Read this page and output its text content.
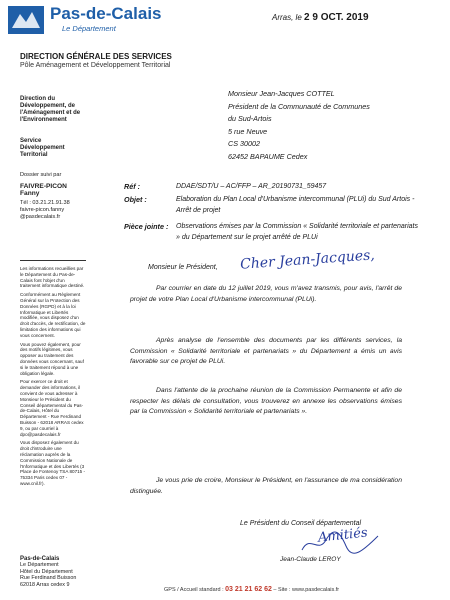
Pas-de-Calais
Le Département
Arras, le 2 9 OCT. 2019
DIRECTION GÉNÉRALE DES SERVICES
Pôle Aménagement et Développement Territorial
Direction du
Développement, de
l'Aménagement et de
l'Environnement
Service Développement
Territorial
Dossier suivi par
FAIVRE-PICON Fanny
Tél : 03.21.21.91.38
faivre-picon.fanny
@pasdecalais.fr
Les informations recueillies par le Département du Pas-de-Calais font l'objet d'un traitement informatique destiné.
Conformément au Règlement Général sur la Protection des Données (RGPD) et à la loi Informatique et Libertés modifiée, vous disposez d'un droit d'accès, de rectification, de limitation des informations qui vous concernent.
Vous pouvez également, pour des motifs légitimes, vous opposer au traitement des données vous concernant, sauf si le traitement répond à une obligation légale.
Pour exercer ce droit et demander des informations, il convient de vous adresser à Monsieur le Président du Conseil départemental du Pas-de-Calais, Hôtel du Département - Rue Ferdinand Buisson - 62018 ARRAS cedex 9, ou par courriel à dpo@pasdecalais.fr
Vous disposez également du droit d'introduire une réclamation auprès de la Commission Nationale de l'Informatique et des Libertés (3 Place de Fontenoy TSA 80715 - 75334 Paris cedex 07 - www.cnil.fr).
Pas-de-Calais
Le Département
Hôtel du Département
Rue Ferdinand Buisson
62018 Arras cedex 9
Monsieur Jean-Jacques COTTEL
Président de la Communauté de Communes
du Sud-Artois
5 rue Neuve
CS 30002
62452 BAPAUME Cedex
Réf :	DDAE/SDT/U – AC/FFP – AR_20190731_59457
Objet :	Elaboration du Plan Local d'Urbanisme intercommunal (PLUi) du Sud Artois - Arrêt de projet
Pièce jointe : Observations émises par la Commission « Solidarité territoriale et partenariats » du Département sur le projet arrêté de PLUi
Monsieur le Président, Cher Jean-Jacques,
Par courrier en date du 12 juillet 2019, vous m'avez transmis, pour avis, l'arrêt de projet de votre Plan Local d'Urbanisme intercommunal (PLUi).
Après analyse de l'ensemble des documents par les différents services, la Commission « Solidarité territoriale et partenariats » du Département a émis un avis favorable sur ce projet de PLUi.
Dans l'attente de la prochaine réunion de la Commission Permanente et afin de respecter les délais de consultation, vous trouverez en annexe les observations émises par la Commission « Solidarité territoriale et partenariats ».
Je vous prie de croire, Monsieur le Président, en l'assurance de ma considération distinguée.
Le Président du Conseil départemental
Amitiés
Jean-Claude LEROY
GPS / Accueil standard : 03 21 21 62 62 – Site : www.pasdecalais.fr
